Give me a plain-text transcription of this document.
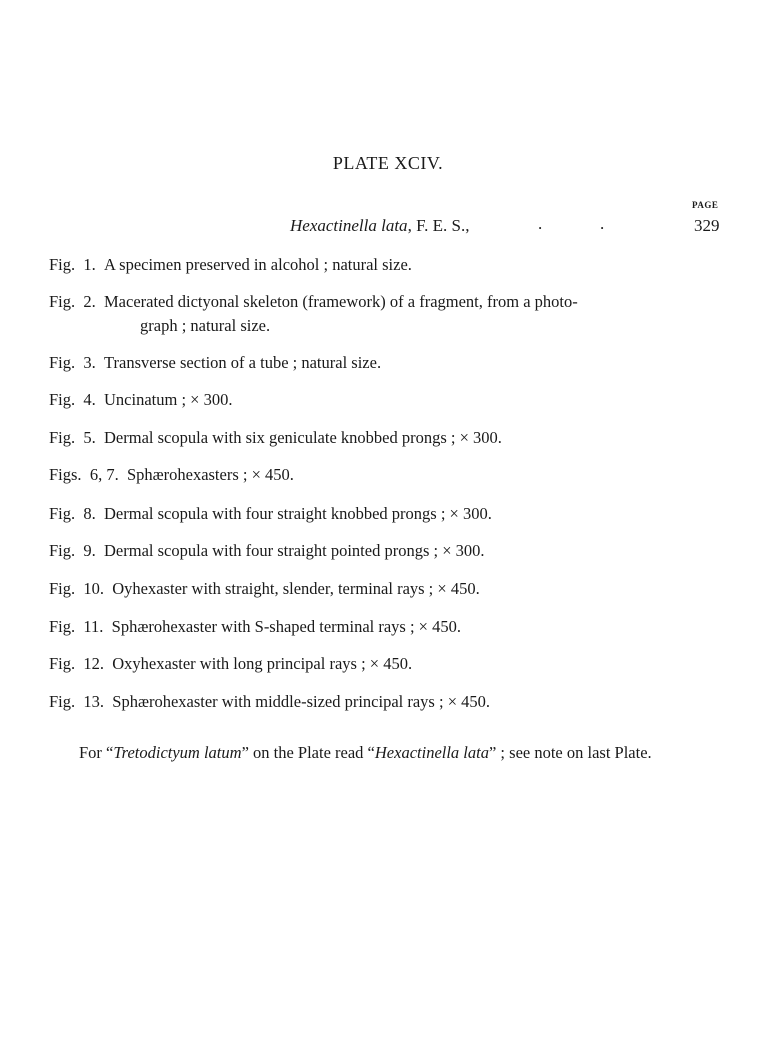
PLATE XCIV.
PAGE
Hexactinella lata, F. E. S.,	.	.	329
Fig. 1. A specimen preserved in alcohol ; natural size.
Fig. 2. Macerated dictyonal skeleton (framework) of a fragment, from a photo-
graph ; natural size.
Fig. 3. Transverse section of a tube ; natural size.
Fig. 4. Uncinatum ; × 300.
Fig. 5. Dermal scopula with six geniculate knobbed prongs ; × 300.
Figs. 6, 7. Sphærohexasters ; × 450.
Fig. 8. Dermal scopula with four straight knobbed prongs ; × 300.
Fig. 9. Dermal scopula with four straight pointed prongs ; × 300.
Fig. 10. Oyhexaster with straight, slender, terminal rays ; × 450.
Fig. 11. Sphærohexaster with S-shaped terminal rays ; × 450.
Fig. 12. Oxyhexaster with long principal rays ; × 450.
Fig. 13. Sphærohexaster with middle-sized principal rays ; × 450.
For “Tretodictyum latum” on the Plate read “Hexactinella lata” ; see note on last Plate.
